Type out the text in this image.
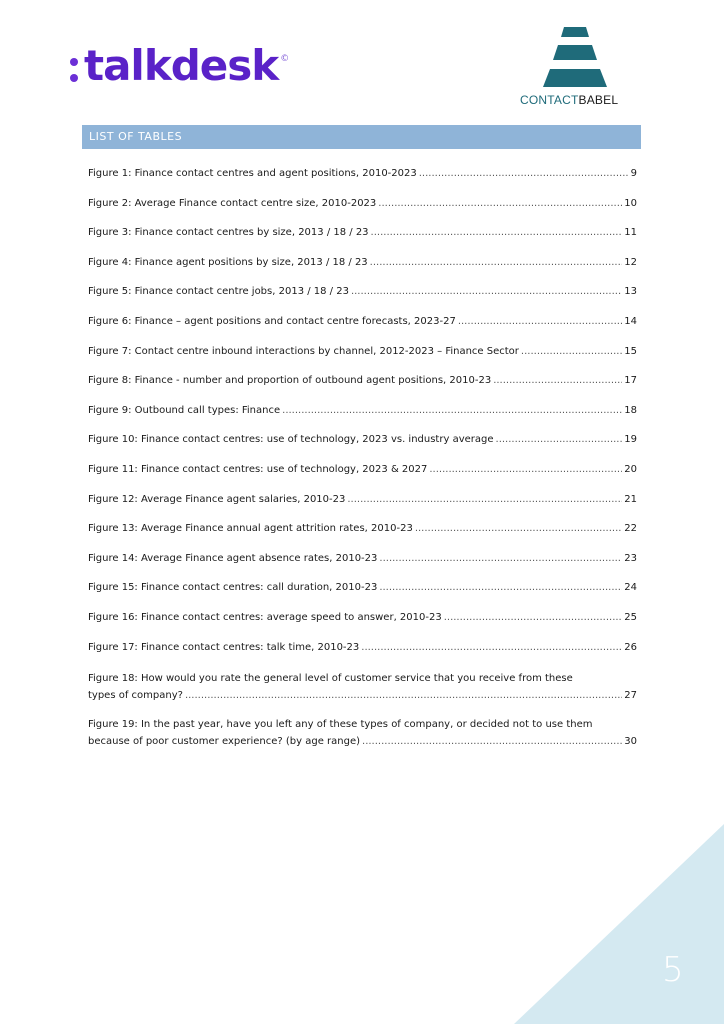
talkdesk ©
CONTACTBABEL
LIST OF TABLES
Figure 1: Finance contact centres and agent positions, 2010-2023 .....	9
Figure 2: Average Finance contact centre size, 2010-2023 .....	10
Figure 3: Finance contact centres by size, 2013 / 18 / 23 .....	11
Figure 4: Finance agent positions by size, 2013 / 18 / 23 .....	12
Figure 5: Finance contact centre jobs, 2013 / 18 / 23 .....	13
Figure 6: Finance – agent positions and contact centre forecasts, 2023-27 .....	14
Figure 7: Contact centre inbound interactions by channel, 2012-2023 – Finance Sector .....	15
Figure 8: Finance - number and proportion of outbound agent positions, 2010-23 .....	17
Figure 9: Outbound call types: Finance .....	18
Figure 10: Finance contact centres: use of technology, 2023 vs. industry average .....	19
Figure 11: Finance contact centres: use of technology, 2023 & 2027 .....	20
Figure 12: Average Finance agent salaries, 2010-23 .....	21
Figure 13: Average Finance annual agent attrition rates, 2010-23 .....	22
Figure 14: Average Finance agent absence rates, 2010-23 .....	23
Figure 15: Finance contact centres: call duration, 2010-23 .....	24
Figure 16: Finance contact centres: average speed to answer, 2010-23 .....	25
Figure 17: Finance contact centres: talk time, 2010-23 .....	26
Figure 18: How would you rate the general level of customer service that you receive from these
types of company? .....	27
Figure 19: In the past year, have you left any of these types of company, or decided not to use them
because of poor customer experience? (by age range) .....	30
5
